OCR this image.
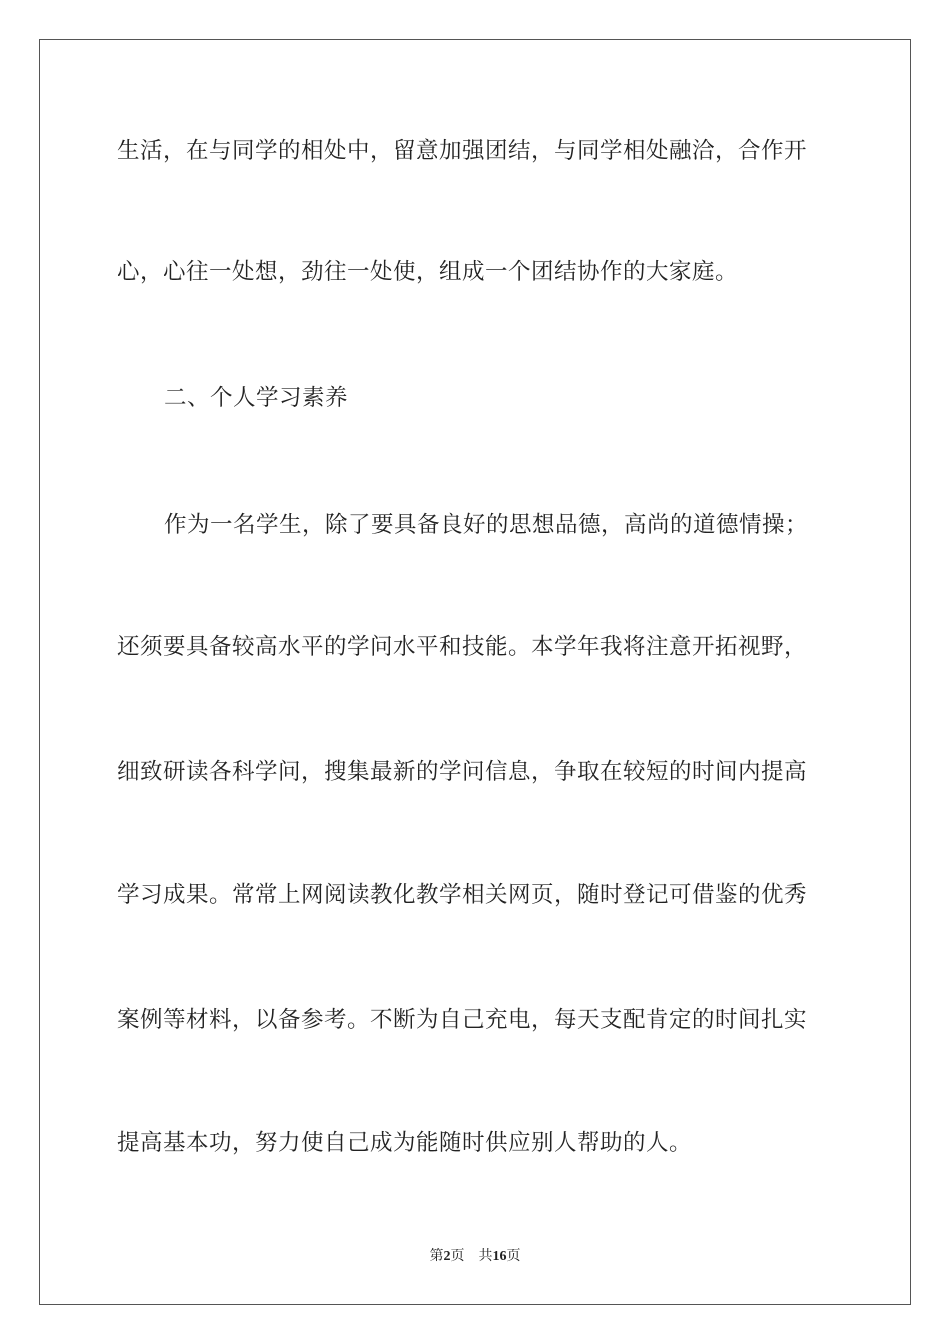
生活，在与同学的相处中，留意加强团结，与同学相处融洽，合作开
心，心往一处想，劲往一处使，组成一个团结协作的大家庭。
二、个人学习素养
作为一名学生，除了要具备良好的思想品德，高尚的道德情操；
还须要具备较高水平的学问水平和技能。本学年我将注意开拓视野，
细致研读各科学问，搜集最新的学问信息，争取在较短的时间内提高
学习成果。常常上网阅读教化教学相关网页，随时登记可借鉴的优秀
案例等材料，以备参考。不断为自己充电，每天支配肯定的时间扎实
提高基本功，努力使自己成为能随时供应别人帮助的人。
第2页 共16页
